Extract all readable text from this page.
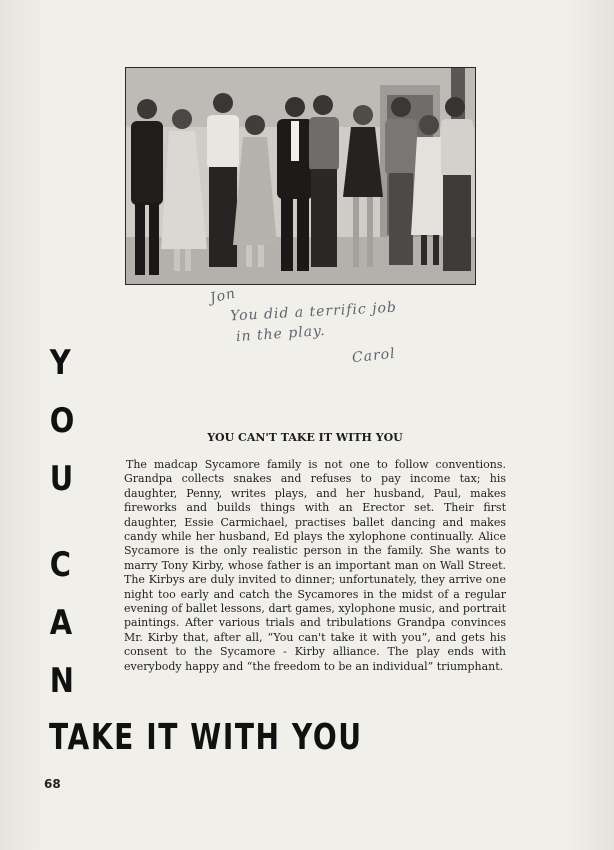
Jon
You did a terrific job
in the play.
Carol
Y
O
U
C
A
N
TAKE IT WITH YOU
YOU CAN'T TAKE IT WITH YOU
The madcap Sycamore family is not one to follow conventions. Grandpa collects snakes and refuses to pay income tax; his daughter, Penny, writes plays, and her husband, Paul, makes fireworks and builds things with an Erector set. Their first daughter, Essie Carmichael, practises ballet dancing and makes candy while her husband, Ed plays the xylophone continually. Alice Sycamore is the only realistic person in the family. She wants to marry Tony Kirby, whose father is an important man on Wall Street. The Kirbys are duly invited to dinner; unfortunately, they arrive one night too early and catch the Sycamores in the midst of a regular evening of ballet lessons, dart games, xylophone music, and portrait paintings. After various trials and tribulations Grandpa convinces Mr. Kirby that, after all, “You can't take it with you”, and gets his consent to the Sycamore - Kirby alliance. The play ends with everybody happy and “the freedom to be an individual” triumphant.
68
